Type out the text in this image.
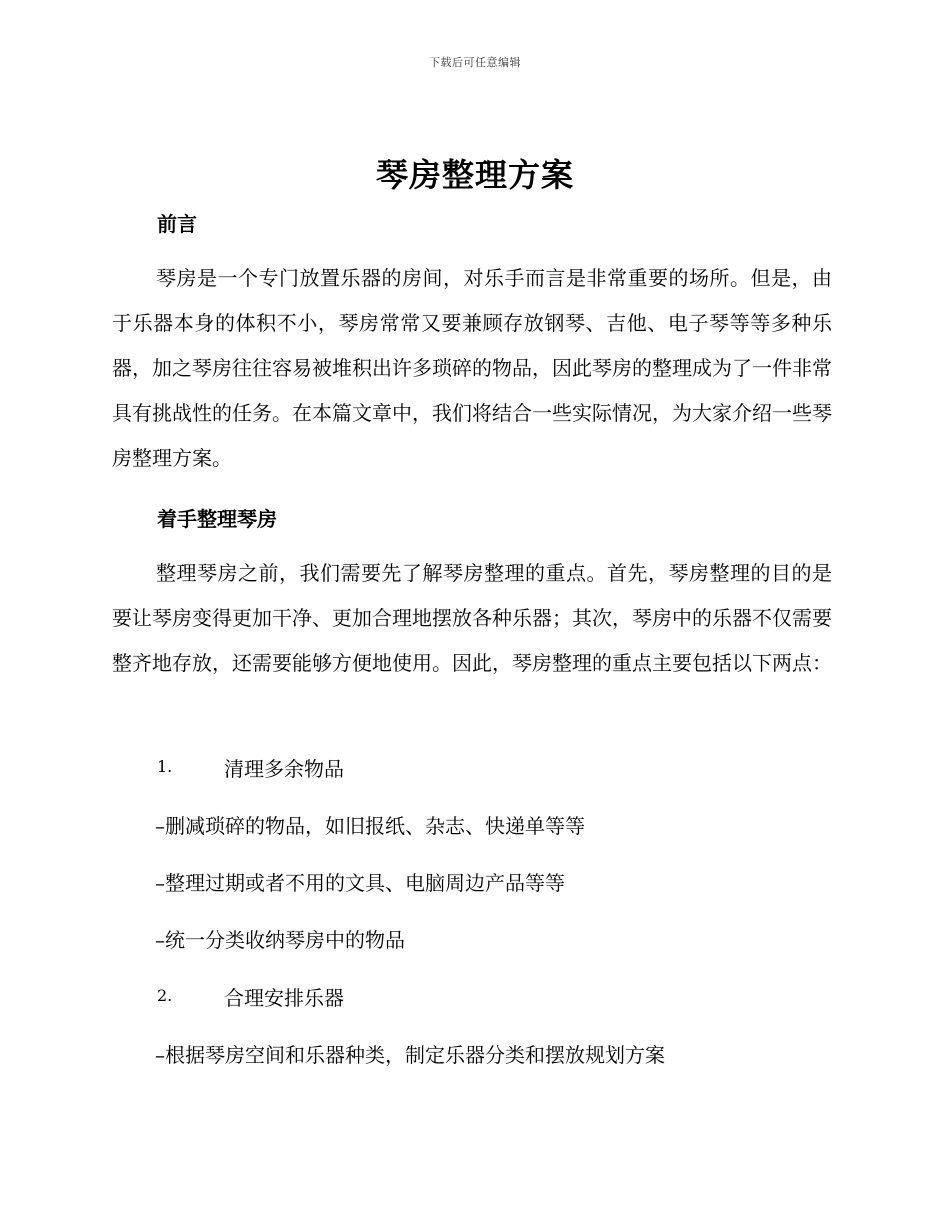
下载后可任意编辑
琴房整理方案
前言
琴房是一个专门放置乐器的房间，对乐手而言是非常重要的场所。但是，由于乐器本身的体积不小，琴房常常又要兼顾存放钢琴、吉他、电子琴等等多种乐器，加之琴房往往容易被堆积出许多琐碎的物品，因此琴房的整理成为了一件非常具有挑战性的任务。在本篇文章中，我们将结合一些实际情况，为大家介绍一些琴房整理方案。
着手整理琴房
整理琴房之前，我们需要先了解琴房整理的重点。首先，琴房整理的目的是要让琴房变得更加干净、更加合理地摆放各种乐器；其次，琴房中的乐器不仅需要整齐地存放，还需要能够方便地使用。因此，琴房整理的重点主要包括以下两点：
1.	清理多余物品
–删减琐碎的物品，如旧报纸、杂志、快递单等等
–整理过期或者不用的文具、电脑周边产品等等
–统一分类收纳琴房中的物品
2.	合理安排乐器
–根据琴房空间和乐器种类，制定乐器分类和摆放规划方案
